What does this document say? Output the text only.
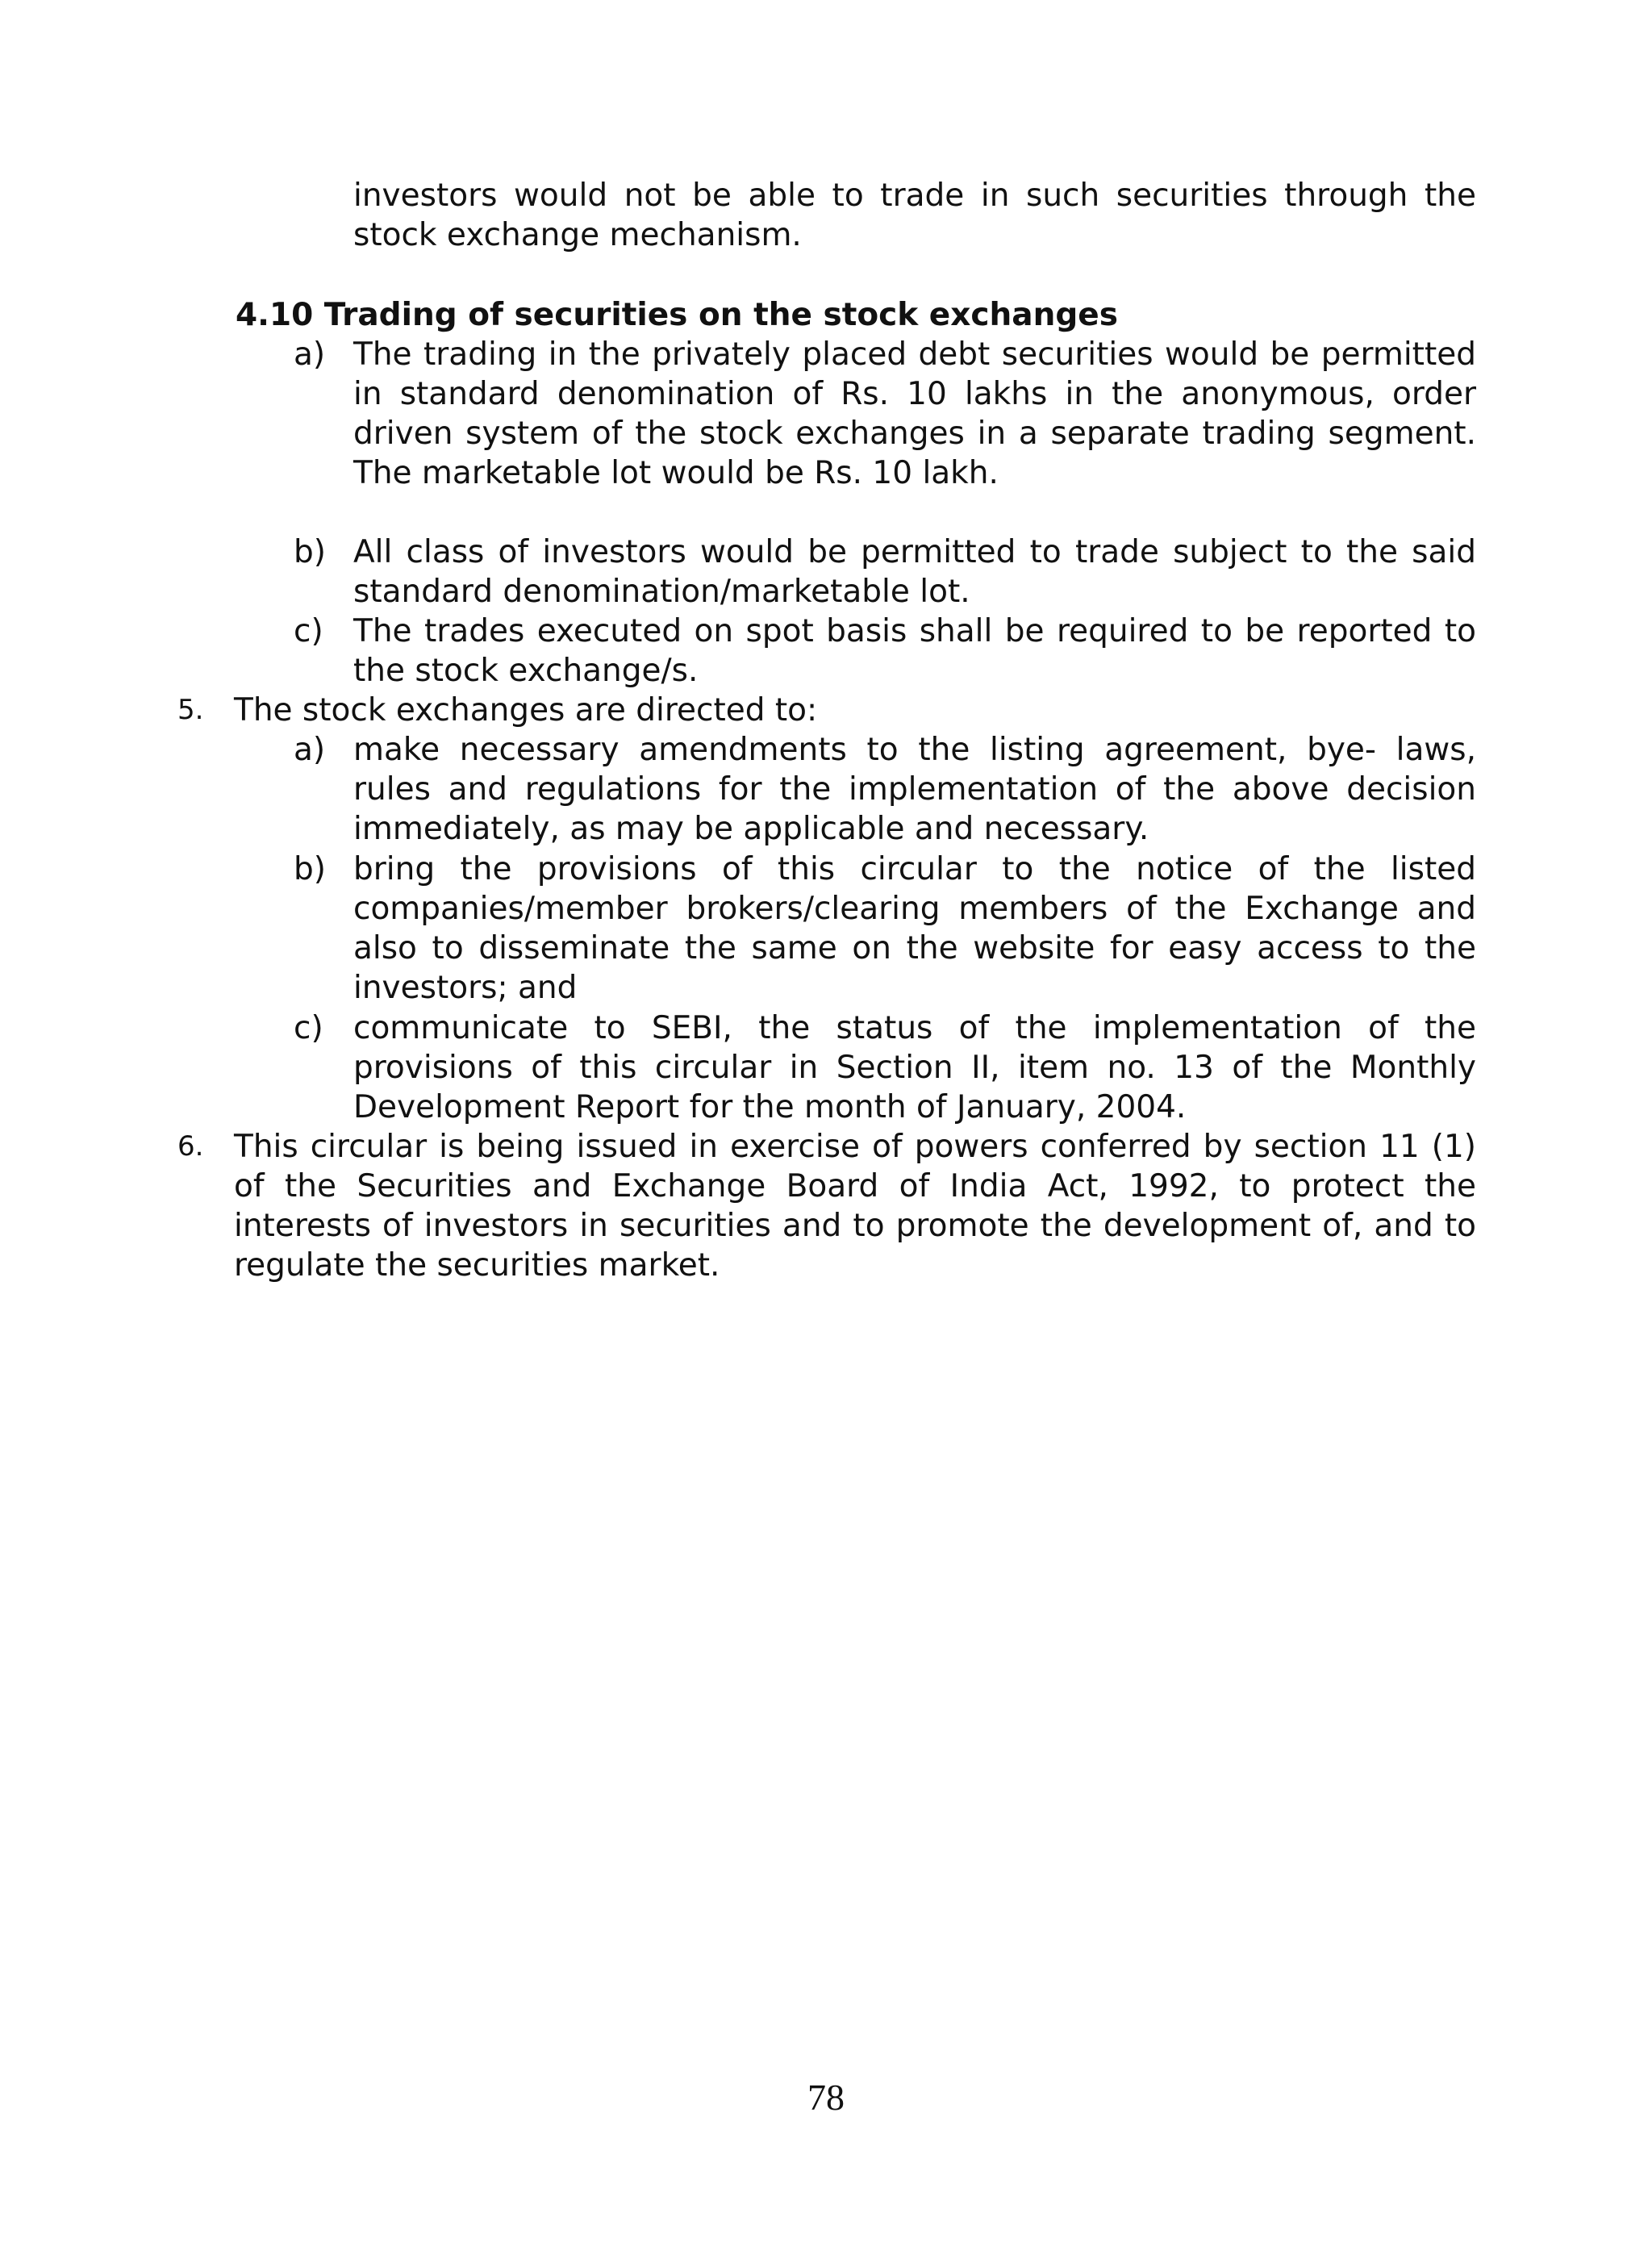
investors would not be able to trade in such securities through the stock exchange mechanism.
4.10 Trading of securities on the stock exchanges
a) The trading in the privately placed debt securities would be permitted in standard denomination of Rs. 10 lakhs in the anonymous, order driven system of the stock exchanges in a separate trading segment. The marketable lot would be Rs. 10 lakh.
b) All class of investors would be permitted to trade subject to the said standard denomination/marketable lot.
c) The trades executed on spot basis shall be required to be reported to the stock exchange/s.
5. The stock exchanges are directed to:
a) make necessary amendments to the listing agreement, bye- laws, rules and regulations for the implementation of the above decision immediately, as may be applicable and necessary.
b) bring the provisions of this circular to the notice of the listed companies/member brokers/clearing members of the Exchange and also to disseminate the same on the website for easy access to the investors; and
c) communicate to SEBI, the status of the implementation of the provisions of this circular in Section II, item no. 13 of the Monthly Development Report for the month of January, 2004.
6. This circular is being issued in exercise of powers conferred by section 11 (1) of the Securities and Exchange Board of India Act, 1992, to protect the interests of investors in securities and to promote the development of, and to regulate the securities market.
78
